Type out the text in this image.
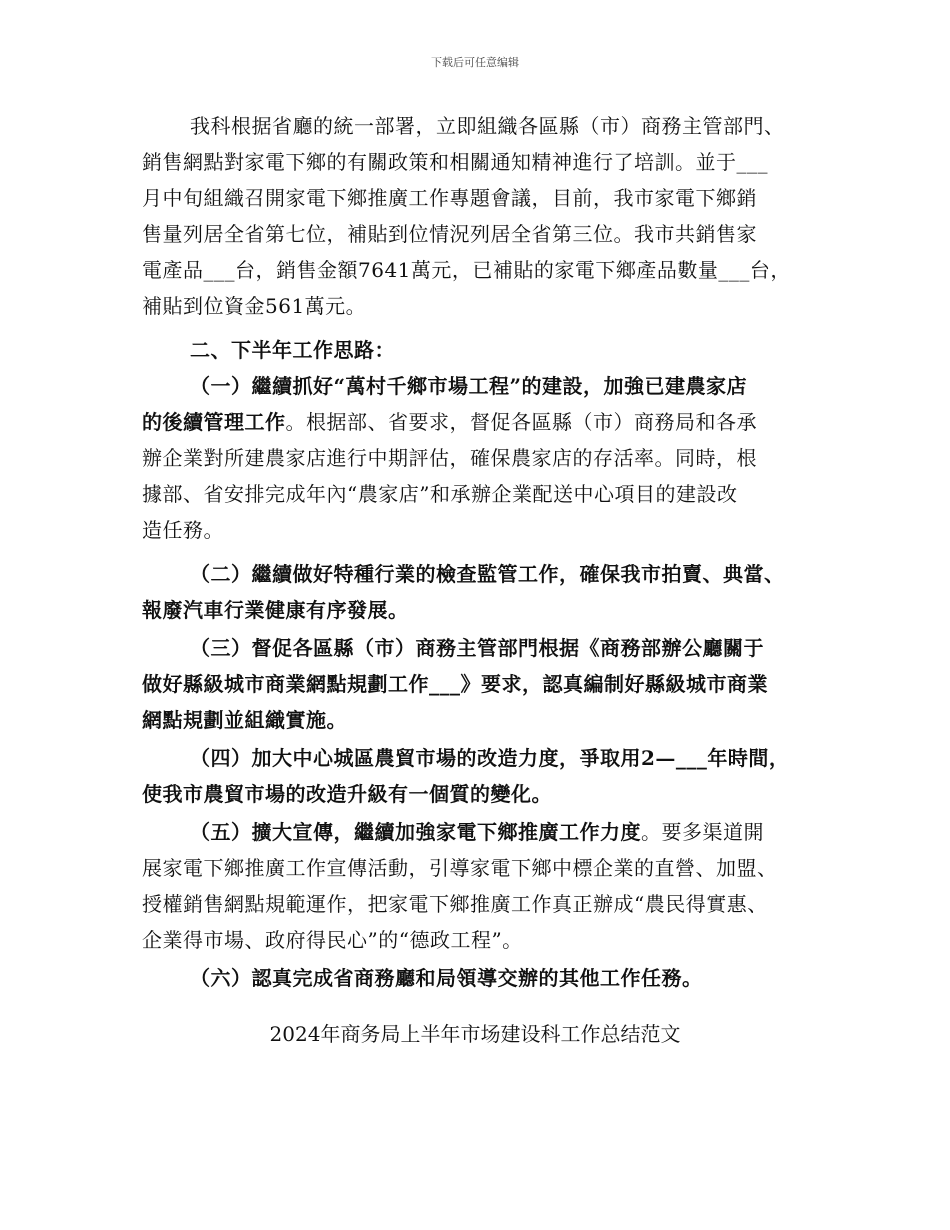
下载后可任意编辑
我科根据省廳的統一部署，立即組織各區縣（市）商務主管部門、
銷售網點對家電下鄉的有關政策和相關通知精神進行了培訓。並于___
月中旬組織召開家電下鄉推廣工作專題會議，目前，我市家電下鄉銷
售量列居全省第七位，補貼到位情況列居全省第三位。我市共銷售家
電產品___台，銷售金額7641萬元，已補貼的家電下鄉產品數量___台，
補貼到位資金561萬元。
二、下半年工作思路：
（一）繼續抓好“萬村千鄉市場工程”的建設，加強已建農家店
的後續管理工作。根据部、省要求，督促各區縣（市）商務局和各承
辦企業對所建農家店進行中期評估，確保農家店的存活率。同時，根
據部、省安排完成年內“農家店”和承辦企業配送中心項目的建設改
造任務。
（二）繼續做好特種行業的檢查監管工作，確保我市拍賣、典當、
報廢汽車行業健康有序發展。
（三）督促各區縣（市）商務主管部門根据《商務部辦公廳關于
做好縣級城市商業網點規劃工作___》要求，認真編制好縣級城市商業
網點規劃並組織實施。
（四）加大中心城區農貿市場的改造力度，爭取用2—___年時間，
使我市農貿市場的改造升級有一個質的變化。
（五）擴大宣傳，繼續加強家電下鄉推廣工作力度。要多渠道開
展家電下鄉推廣工作宣傳活動，引導家電下鄉中標企業的直營、加盟、
授權銷售網點規範運作，把家電下鄉推廣工作真正辦成“農民得實惠、
企業得市場、政府得民心”的“德政工程”。
（六）認真完成省商務廳和局領導交辦的其他工作任務。
2024年商务局上半年市场建设科工作总结范文
